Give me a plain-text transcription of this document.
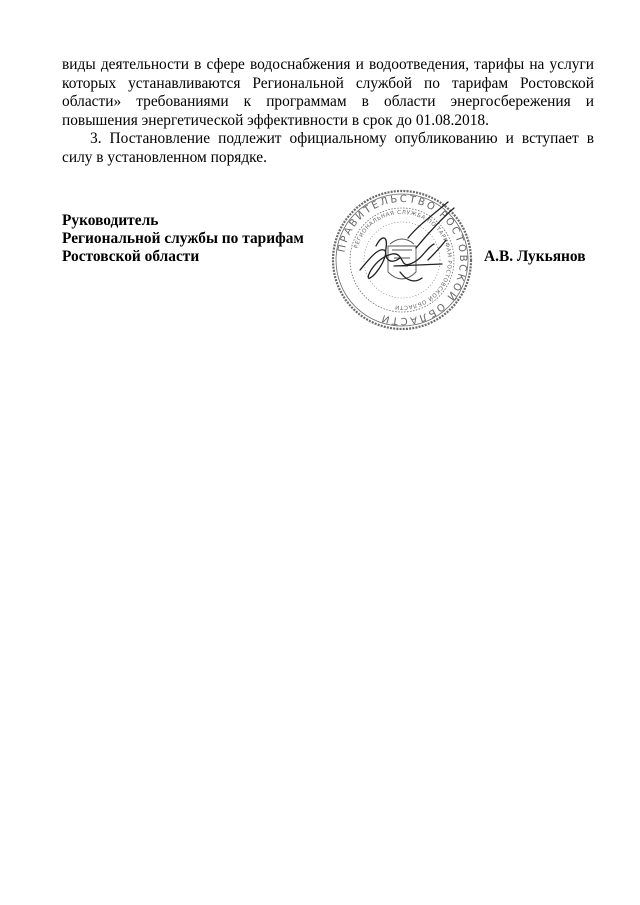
виды деятельности в сфере водоснабжения и водоотведения, тарифы на услуги которых устанавливаются Региональной службой по тарифам Ростовской области» требованиями к программам в области энергосбережения и повышения энергетической эффективности в срок до 01.08.2018.
3. Постановление подлежит официальному опубликованию и вступает в силу в установленном порядке.
Руководитель
Региональной службы по тарифам
Ростовской области
ПРАВИТЕЛЬСТВО РОСТОВСКОЙ ОБЛАСТИ
РЕГИОНАЛЬНАЯ СЛУЖБА ПО ТАРИФАМ РОСТОВСКОЙ ОБЛАСТИ
А.В. Лукьянов
